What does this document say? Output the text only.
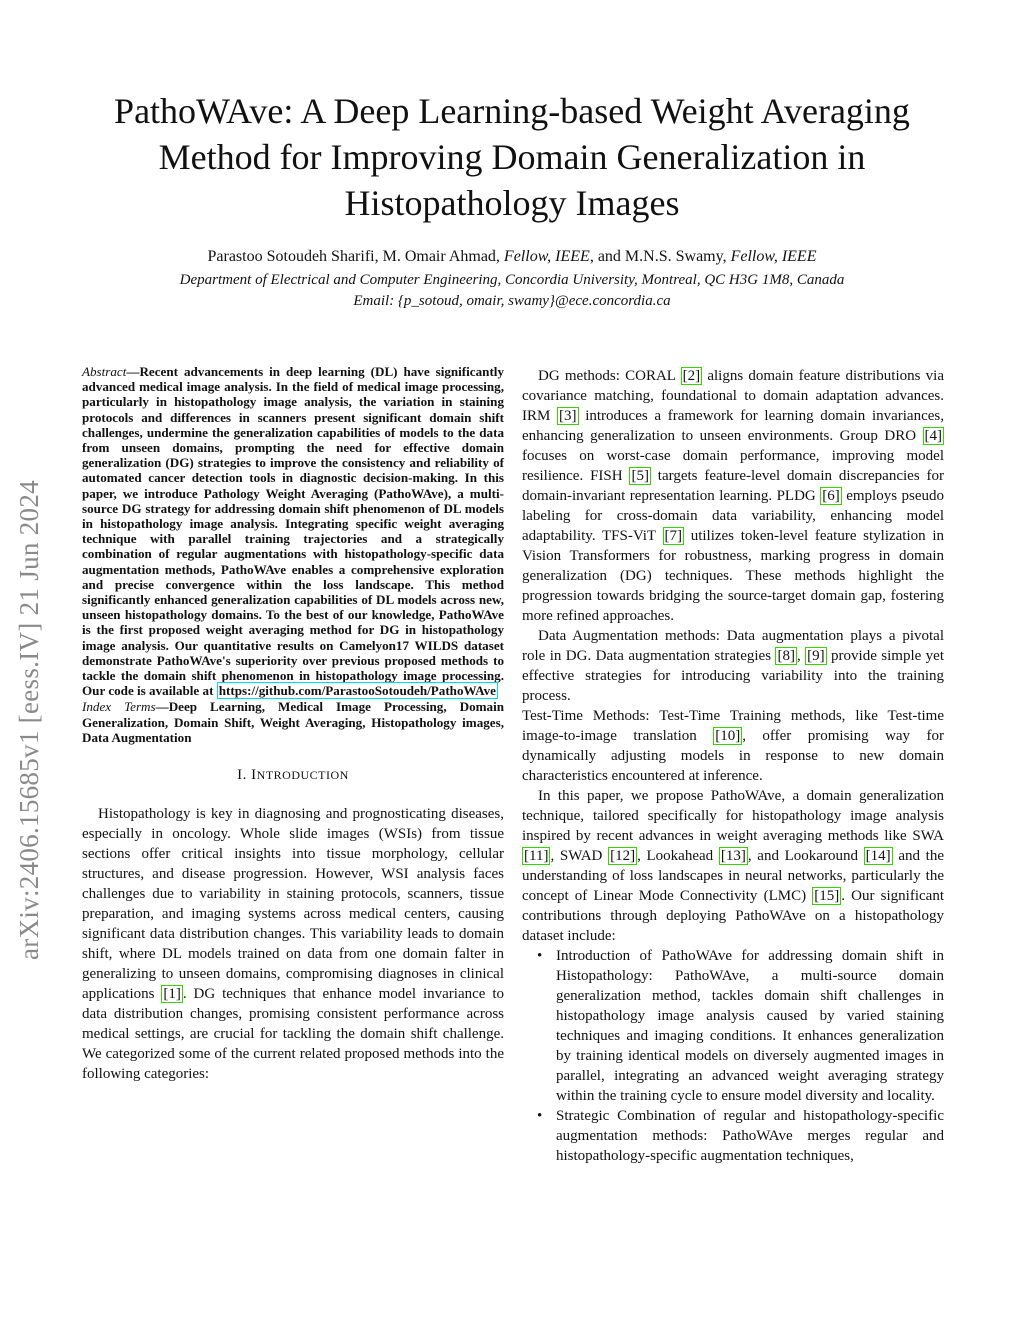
PathoWAve: A Deep Learning-based Weight Averaging Method for Improving Domain Generalization in Histopathology Images
Parastoo Sotoudeh Sharifi, M. Omair Ahmad, Fellow, IEEE, and M.N.S. Swamy, Fellow, IEEE
Department of Electrical and Computer Engineering, Concordia University, Montreal, QC H3G 1M8, Canada
Email: {p_sotoud, omair, swamy}@ece.concordia.ca
arXiv:2406.15685v1 [eess.IV] 21 Jun 2024

Abstract—Recent advancements in deep learning (DL) have significantly advanced medical image analysis. In the field of medical image processing, particularly in histopathology image analysis, the variation in staining protocols and differences in scanners present significant domain shift challenges, undermine the generalization capabilities of models to the data from unseen domains, prompting the need for effective domain generalization (DG) strategies to improve the consistency and reliability of automated cancer detection tools in diagnostic decision-making. In this paper, we introduce Pathology Weight Averaging (PathoWAve), a multi-source DG strategy for addressing domain shift phenomenon of DL models in histopathology image analysis. Integrating specific weight averaging technique with parallel training trajectories and a strategically combination of regular augmentations with histopathology-specific data augmentation methods, PathoWAve enables a comprehensive exploration and precise convergence within the loss landscape. This method significantly enhanced generalization capabilities of DL models across new, unseen histopathology domains. To the best of our knowledge, PathoWAve is the first proposed weight averaging method for DG in histopathology image analysis. Our quantitative results on Camelyon17 WILDS dataset demonstrate PathoWAve's superiority over previous proposed methods to tackle the domain shift phenomenon in histopathology image processing. Our code is available at https://github.com/ParastooSotoudeh/PathoWAve

Index Terms—Deep Learning, Medical Image Processing, Domain Generalization, Domain Shift, Weight Averaging, Histopathology images, Data Augmentation

I. INTRODUCTION

Histopathology is key in diagnosing and prognosticating diseases, especially in oncology. Whole slide images (WSIs) from tissue sections offer critical insights into tissue morphology, cellular structures, and disease progression. However, WSI analysis faces challenges due to variability in staining protocols, scanners, tissue preparation, and imaging systems across medical centers, causing significant data distribution changes. This variability leads to domain shift, where DL models trained on data from one domain falter in generalizing to unseen domains, compromising diagnoses in clinical applications [1] . DG techniques that enhance model invariance to data distribution changes, promising consistent performance across medical settings, are crucial for tackling the domain shift challenge. We categorized some of the current related proposed methods into the following categories:

DG methods: CORAL [2] aligns domain feature distributions via covariance matching, foundational to domain adaptation advances. IRM [3] introduces a framework for learning domain invariances, enhancing generalization to unseen environments. Group DRO [4] focuses on worst-case domain performance, improving model resilience. FISH [5] targets feature-level domain discrepancies for domain-invariant representation learning. PLDG [6] employs pseudo labeling for cross-domain data variability, enhancing model adaptability. TFS-ViT [7] utilizes token-level feature stylization in Vision Transformers for robustness, marking progress in domain generalization (DG) techniques. These methods highlight the progression towards bridging the source-target domain gap, fostering more refined approaches.

Data Augmentation methods: Data augmentation plays a pivotal role in DG. Data augmentation strategies [8] , [9] provide simple yet effective strategies for introducing variability into the training process.

Test-Time Methods: Test-Time Training methods, like Test-time image-to-image translation [10] , offer promising way for dynamically adjusting models in response to new domain characteristics encountered at inference.

In this paper, we propose PathoWAve, a domain generalization technique, tailored specifically for histopathology image analysis inspired by recent advances in weight averaging methods like SWA [11] , SWAD [12] , Lookahead [13] , and Lookaround [14] and the understanding of loss landscapes in neural networks, particularly the concept of Linear Mode Connectivity (LMC) [15] . Our significant contributions through deploying PathoWAve on a histopathology dataset include:

• Introduction of PathoWAve for addressing domain shift in Histopathology: PathoWAve, a multi-source domain generalization method, tackles domain shift challenges in histopathology image analysis caused by varied staining techniques and imaging conditions. It enhances generalization by training identical models on diversely augmented images in parallel, integrating an advanced weight averaging strategy within the training cycle to ensure model diversity and locality.
• Strategic Combination of regular and histopathology-specific augmentation methods: PathoWAve merges regular and histopathology-specific augmentation techniques,
